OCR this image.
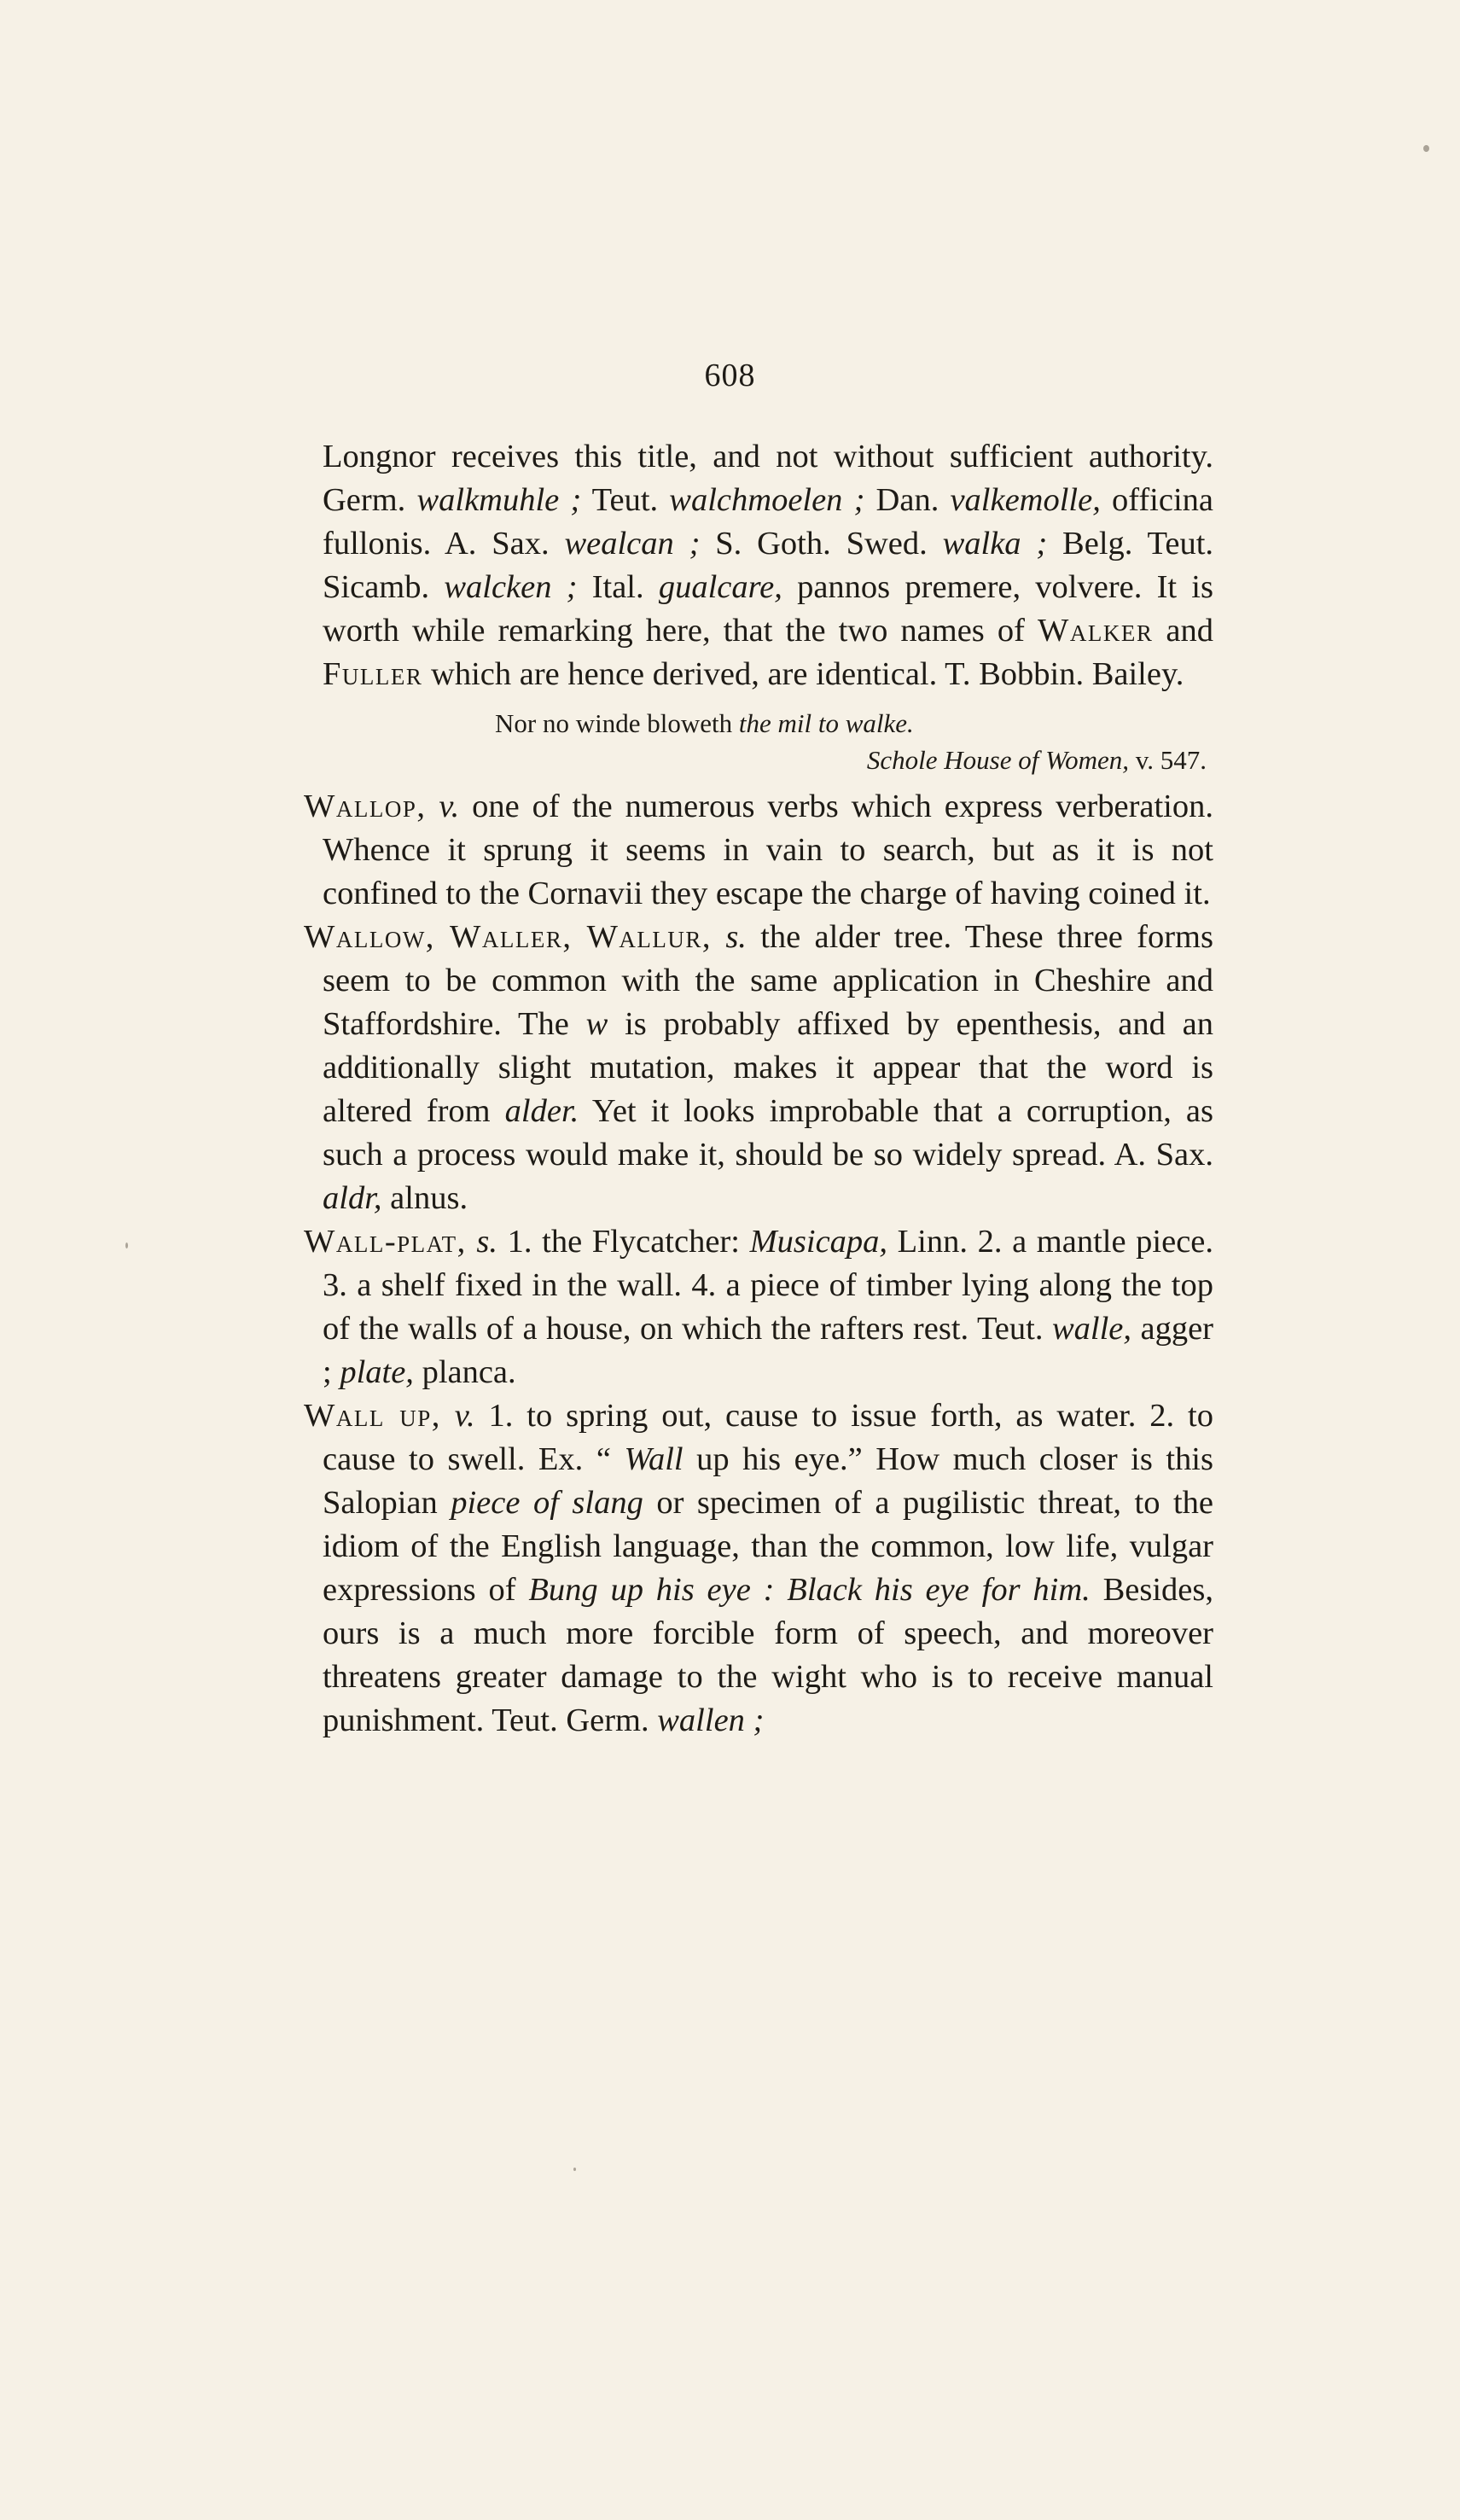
608

Longnor receives this title, and not without sufficient authority. Germ. walkmuhle ; Teut. walchmoelen ; Dan. valkemolle, officina fullonis. A. Sax. wealcan ; S. Goth. Swed. walka ; Belg. Teut. Sicamb. walcken ; Ital. gualcare, pannos premere, volvere. It is worth while remarking here, that the two names of Walker and Fuller which are hence derived, are identical. T. Bobbin. Bailey.

Nor no winde bloweth the mil to walke.
Schole House of Women, v. 547.

Wallop, v. one of the numerous verbs which express verberation. Whence it sprung it seems in vain to search, but as it is not confined to the Cornavii they escape the charge of having coined it.

Wallow, Waller, Wallur, s. the alder tree. These three forms seem to be common with the same application in Cheshire and Staffordshire. The w is probably affixed by epenthesis, and an additionally slight mutation, makes it appear that the word is altered from alder. Yet it looks improbable that a corruption, as such a process would make it, should be so widely spread. A. Sax. aldr, alnus.

Wall-plat, s. 1. the Flycatcher: Musicapa, Linn. 2. a mantle piece. 3. a shelf fixed in the wall. 4. a piece of timber lying along the top of the walls of a house, on which the rafters rest. Teut. walle, agger ; plate, planca.

Wall up, v. 1. to spring out, cause to issue forth, as water. 2. to cause to swell. Ex. “ Wall up his eye.” How much closer is this Salopian piece of slang or specimen of a pugilistic threat, to the idiom of the English language, than the common, low life, vulgar expressions of Bung up his eye : Black his eye for him. Besides, ours is a much more forcible form of speech, and moreover threatens greater damage to the wight who is to receive manual punishment. Teut. Germ. wallen ;
